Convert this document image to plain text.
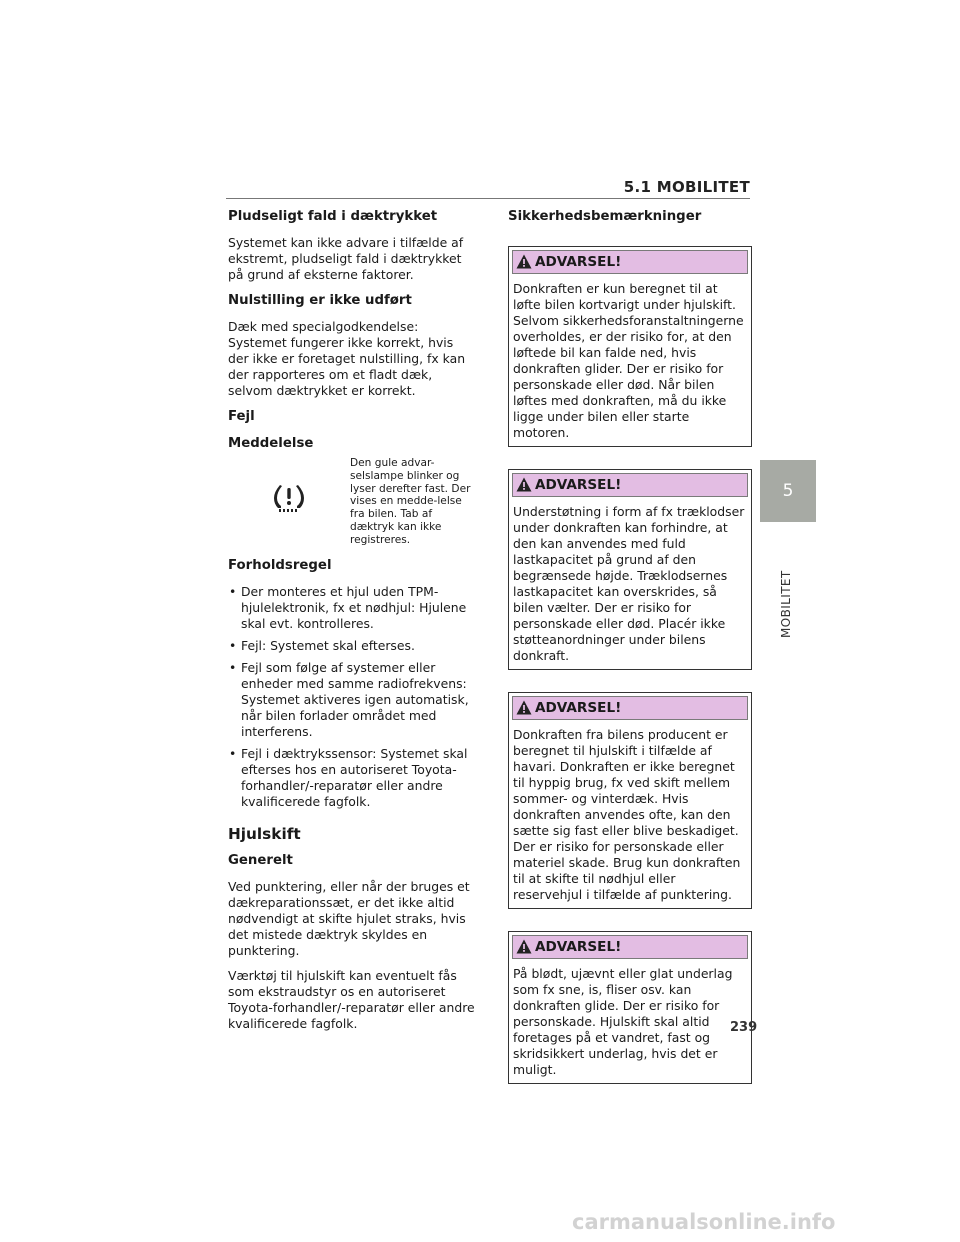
5.1 MOBILITET
5
MOBILITET
Pludseligt fald i dæktrykket

Systemet kan ikke advare i tilfælde af ekstremt, pludseligt fald i dæktrykket på grund af eksterne faktorer.

Nulstilling er ikke udført

Dæk med specialgodkendelse: Systemet fungerer ikke korrekt, hvis der ikke er foretaget nulstilling, fx kan der rapporteres om et fladt dæk, selvom dæktrykket er korrekt.

Fejl
Meddelelse
Den gule advar-selslampe blinker og lyser derefter fast. Der vises en medde-lelse fra bilen. Tab af dæktryk kan ikke registreres.
Forholdsregel
• Der monteres et hjul uden TPM-hjulelektronik, fx et nødhjul: Hjulene skal evt. kontrolleres.
• Fejl: Systemet skal efterses.
• Fejl som følge af systemer eller enheder med samme radiofrekvens: Systemet aktiveres igen automatisk, når bilen forlader området med interferens.
• Fejl i dæktrykssensor: Systemet skal efterses hos en autoriseret Toyota-forhandler/-reparatør eller andre kvalificerede fagfolk.
Hjulskift
Generelt

Ved punktering, eller når der bruges et dækreparationssæt, er det ikke altid nødvendigt at skifte hjulet straks, hvis det mistede dæktryk skyldes en punktering.

Værktøj til hjulskift kan eventuelt fås som ekstraudstyr os en autoriseret Toyota-forhandler/-reparatør eller andre kvalificerede fagfolk.

Sikkerhedsbemærkninger
ADVARSEL!
Donkraften er kun beregnet til at løfte bilen kortvarigt under hjulskift. Selvom sikkerhedsforanstaltningerne overholdes, er der risiko for, at den løftede bil kan falde ned, hvis donkraften glider. Der er risiko for personskade eller død. Når bilen løftes med donkraften, må du ikke ligge under bilen eller starte motoren.
ADVARSEL!
Understøtning i form af fx træklodser under donkraften kan forhindre, at den kan anvendes med fuld lastkapacitet på grund af den begrænsede højde. Træklodsernes lastkapacitet kan overskrides, så bilen vælter. Der er risiko for personskade eller død. Placér ikke støtteanordninger under bilens donkraft.
ADVARSEL!
Donkraften fra bilens producent er beregnet til hjulskift i tilfælde af havari. Donkraften er ikke beregnet til hyppig brug, fx ved skift mellem sommer- og vinterdæk. Hvis donkraften anvendes ofte, kan den sætte sig fast eller blive beskadiget. Der er risiko for personskade eller materiel skade. Brug kun donkraften til at skifte til nødhjul eller reservehjul i tilfælde af punktering.
ADVARSEL!
På blødt, ujævnt eller glat underlag som fx sne, is, fliser osv. kan donkraften glide. Der er risiko for personskade. Hjulskift skal altid foretages på et vandret, fast og skridsikkert underlag, hvis det er muligt.
239
carmanualsonline.info
